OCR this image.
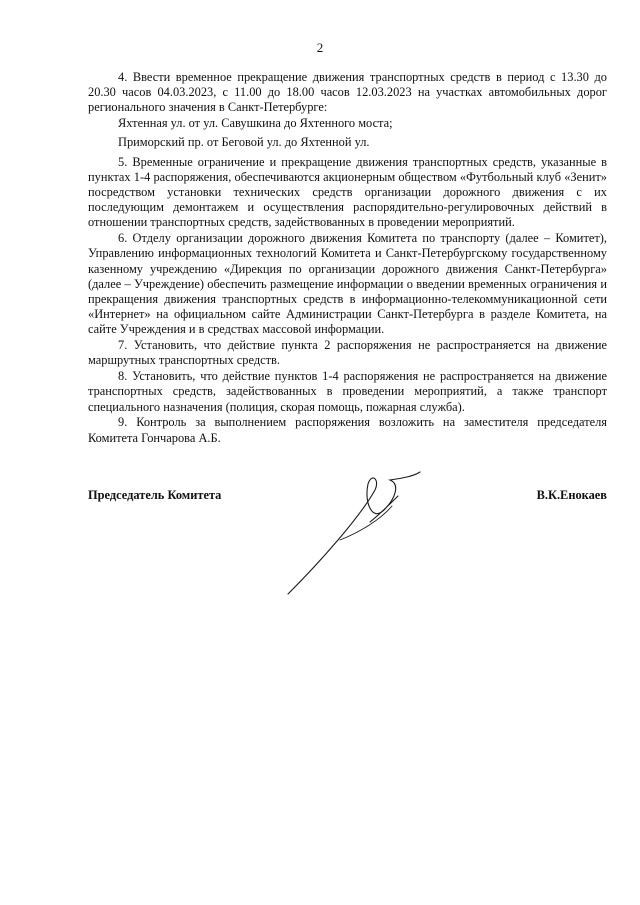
2

4. Ввести временное прекращение движения транспортных средств в период с 13.30 до 20.30 часов 04.03.2023, с 11.00 до 18.00 часов 12.03.2023 на участках автомобильных дорог регионального значения в Санкт-Петербурге:

Яхтенная ул. от ул. Савушкина до Яхтенного моста;

Приморский пр. от Беговой ул. до Яхтенной ул.

5. Временные ограничение и прекращение движения транспортных средств, указанные в пунктах 1-4 распоряжения, обеспечиваются акционерным обществом «Футбольный клуб «Зенит» посредством установки технических средств организации дорожного движения с их последующим демонтажем и осуществления распорядительно-регулировочных действий в отношении транспортных средств, задействованных в проведении мероприятий.

6. Отделу организации дорожного движения Комитета по транспорту (далее – Комитет), Управлению информационных технологий Комитета и Санкт-Петербургскому государственному казенному учреждению «Дирекция по организации дорожного движения Санкт-Петербурга» (далее – Учреждение) обеспечить размещение информации о введении временных ограничения и прекращения движения транспортных средств в информационно-телекоммуникационной сети «Интернет» на официальном сайте Администрации Санкт-Петербурга в разделе Комитета, на сайте Учреждения и в средствах массовой информации.

7. Установить, что действие пункта 2 распоряжения не распространяется на движение маршрутных транспортных средств.

8. Установить, что действие пунктов 1-4 распоряжения не распространяется на движение транспортных средств, задействованных в проведении мероприятий, а также транспорт специального назначения (полиция, скорая помощь, пожарная служба).

9. Контроль за выполнением распоряжения возложить на заместителя председателя Комитета Гончарова А.Б.

Председатель Комитета	В.К.Енокаев
